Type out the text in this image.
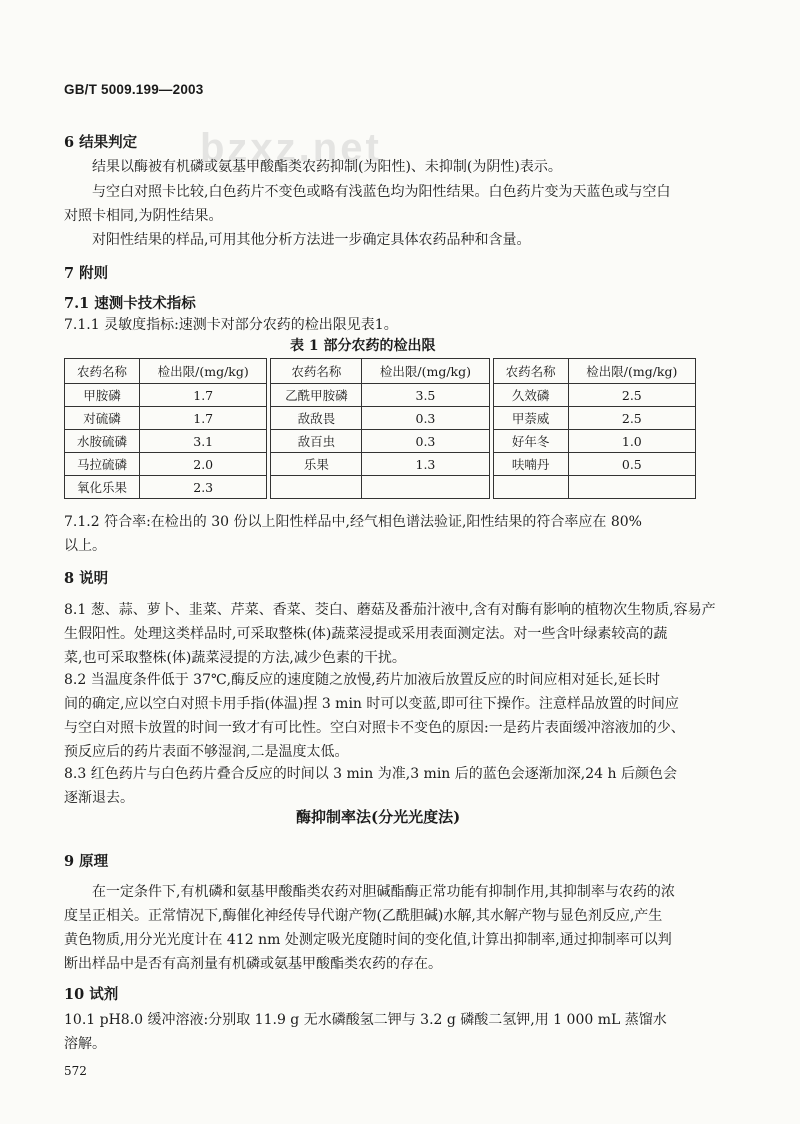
GB/T 5009.199—2003
bzxz.net
6 结果判定
结果以酶被有机磷或氨基甲酸酯类农药抑制(为阳性)、未抑制(为阴性)表示。
与空白对照卡比较,白色药片不变色或略有浅蓝色均为阳性结果。白色药片变为天蓝色或与空白
对照卡相同,为阴性结果。
对阳性结果的样品,可用其他分析方法进一步确定具体农药品种和含量。
7 附则
7.1 速测卡技术指标
7.1.1 灵敏度指标:速测卡对部分农药的检出限见表1。
表 1 部分农药的检出限
农药名称	检出限/(mg/kg)		农药名称	检出限/(mg/kg)		农药名称	检出限/(mg/kg)
甲胺磷	1.7		乙酰甲胺磷	3.5		久效磷	2.5
对硫磷	1.7		敌敌畏	0.3		甲萘威	2.5
水胺硫磷	3.1		敌百虫	0.3		好年冬	1.0
马拉硫磷	2.0		乐果	1.3		呋喃丹	0.5
氧化乐果	2.3						
7.1.2 符合率:在检出的 30 份以上阳性样品中,经气相色谱法验证,阳性结果的符合率应在 80%
以上。
8 说明
8.1 葱、蒜、萝卜、韭菜、芹菜、香菜、茭白、蘑菇及番茄汁液中,含有对酶有影响的植物次生物质,容易产
生假阳性。处理这类样品时,可采取整株(体)蔬菜浸提或采用表面测定法。对一些含叶绿素较高的蔬
菜,也可采取整株(体)蔬菜浸提的方法,减少色素的干扰。
8.2 当温度条件低于 37℃,酶反应的速度随之放慢,药片加液后放置反应的时间应相对延长,延长时
间的确定,应以空白对照卡用手指(体温)捏 3 min 时可以变蓝,即可往下操作。注意样品放置的时间应
与空白对照卡放置的时间一致才有可比性。空白对照卡不变色的原因:一是药片表面缓冲溶液加的少、
预反应后的药片表面不够湿润,二是温度太低。
8.3 红色药片与白色药片叠合反应的时间以 3 min 为准,3 min 后的蓝色会逐渐加深,24 h 后颜色会
逐渐退去。
酶抑制率法(分光光度法)
9 原理
在一定条件下,有机磷和氨基甲酸酯类农药对胆碱酯酶正常功能有抑制作用,其抑制率与农药的浓
度呈正相关。正常情况下,酶催化神经传导代谢产物(乙酰胆碱)水解,其水解产物与显色剂反应,产生
黄色物质,用分光光度计在 412 nm 处测定吸光度随时间的变化值,计算出抑制率,通过抑制率可以判
断出样品中是否有高剂量有机磷或氨基甲酸酯类农药的存在。
10 试剂
10.1 pH8.0 缓冲溶液:分别取 11.9 g 无水磷酸氢二钾与 3.2 g 磷酸二氢钾,用 1 000 mL 蒸馏水
溶解。
572
